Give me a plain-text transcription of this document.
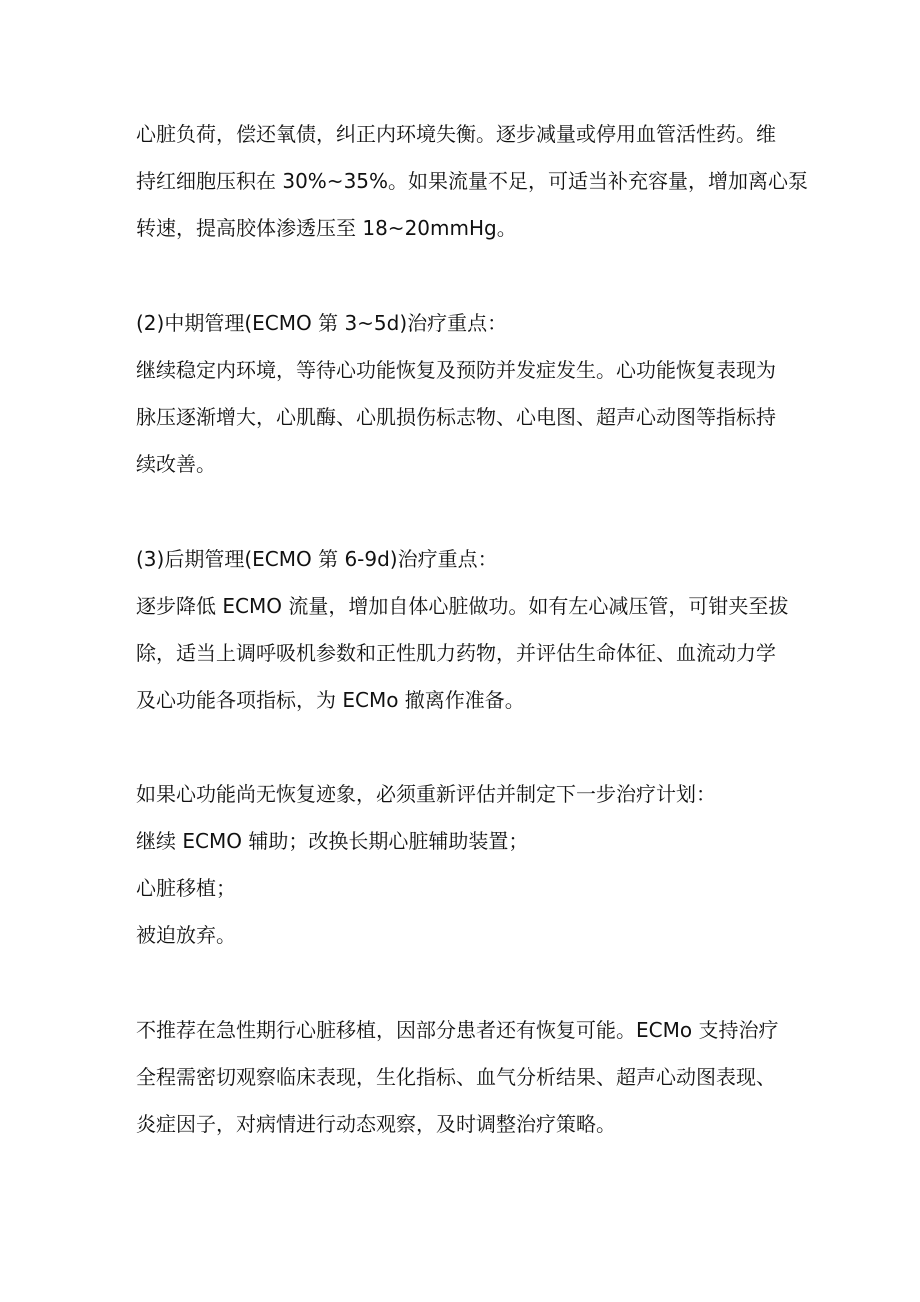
心脏负荷，偿还氧债，纠正内环境失衡。逐步减量或停用血管活性药。维
持红细胞压积在 30%~35%。如果流量不足，可适当补充容量，增加离心泵
转速，提高胶体渗透压至 18~20mmHg。
(2)中期管理(ECMO 第 3~5d)治疗重点：
继续稳定内环境，等待心功能恢复及预防并发症发生。心功能恢复表现为
脉压逐渐增大，心肌酶、心肌损伤标志物、心电图、超声心动图等指标持
续改善。
(3)后期管理(ECMO 第 6-9d)治疗重点：
逐步降低 ECMO 流量，增加自体心脏做功。如有左心减压管，可钳夹至拔
除，适当上调呼吸机参数和正性肌力药物，并评估生命体征、血流动力学
及心功能各项指标，为 ECMo 撤离作准备。
如果心功能尚无恢复迹象，必须重新评估并制定下一步治疗计划：
继续 ECMO 辅助；改换长期心脏辅助装置；
心脏移植；
被迫放弃。
不推荐在急性期行心脏移植，因部分患者还有恢复可能。ECMo 支持治疗
全程需密切观察临床表现，生化指标、血气分析结果、超声心动图表现、
炎症因子，对病情进行动态观察，及时调整治疗策略。
